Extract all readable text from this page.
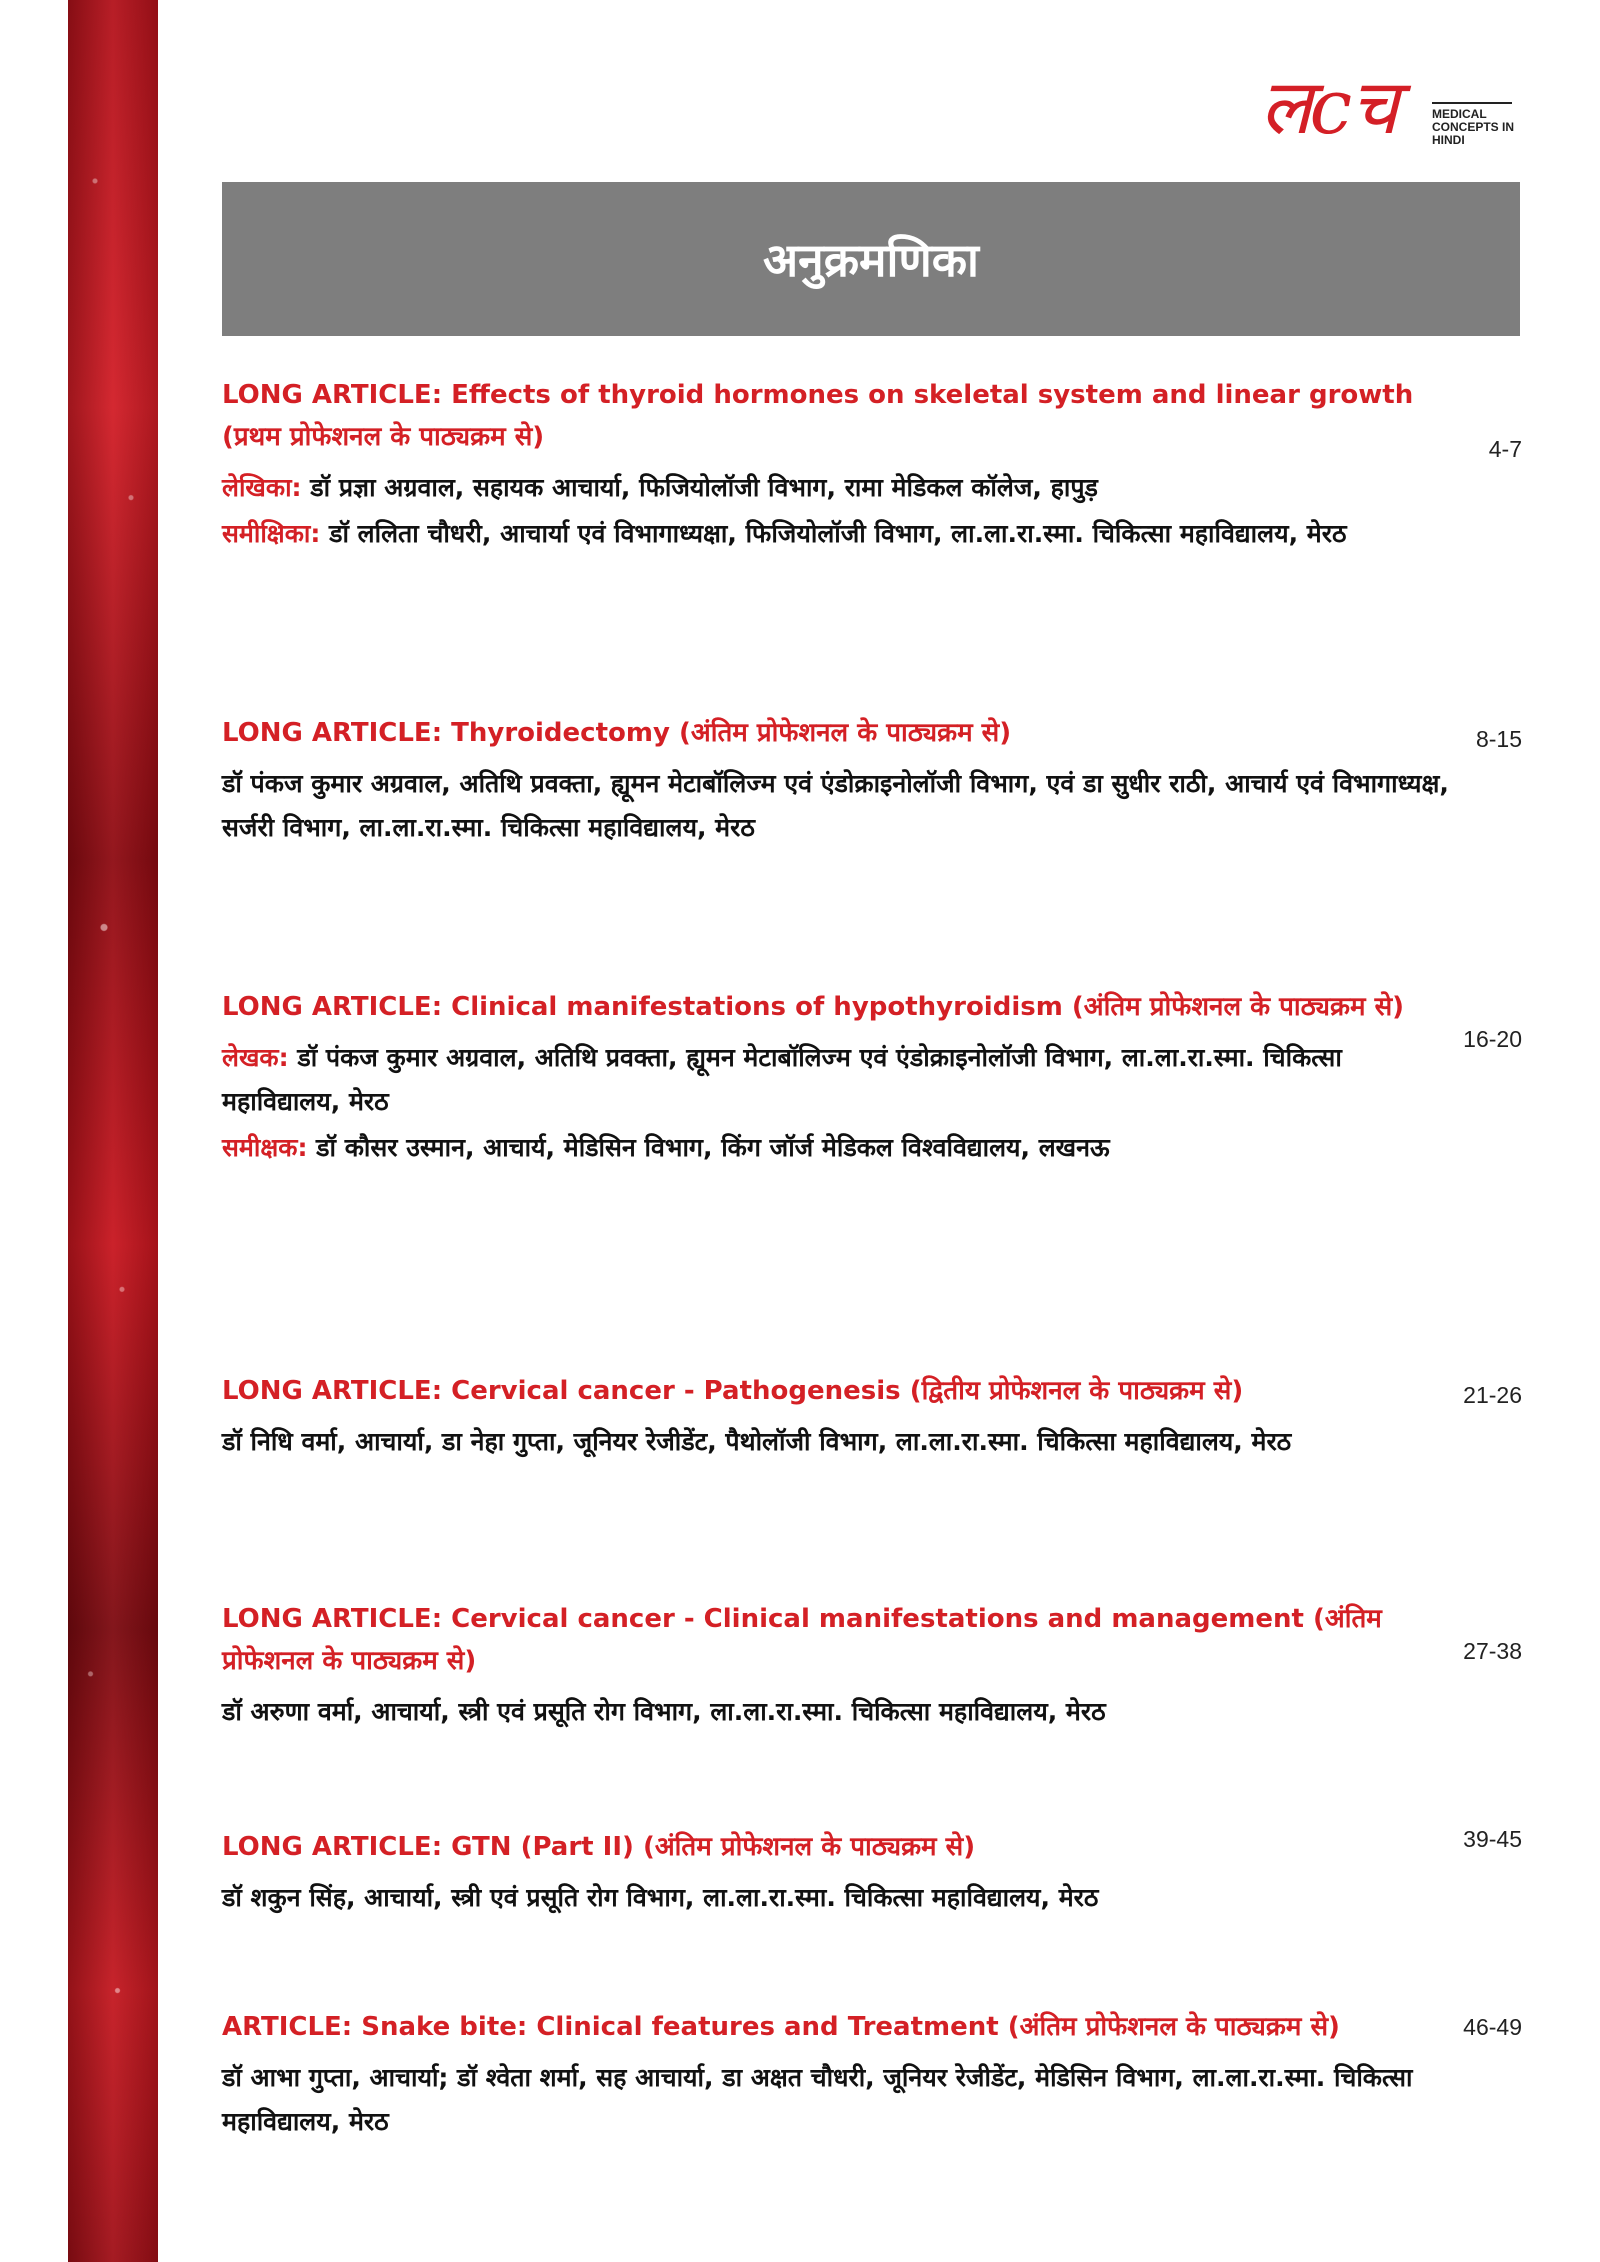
लcच	MEDICAL
CONCEPTS IN
HINDI
अनुक्रमणिका
4-7
LONG ARTICLE: Effects of thyroid hormones on skeletal system and linear growth (प्रथम प्रोफेशनल के पाठ्यक्रम से)
लेखिका: डॉ प्रज्ञा अग्रवाल, सहायक आचार्या, फिजियोलॉजी विभाग, रामा मेडिकल कॉलेज, हापुड़
समीक्षिका: डॉ ललिता चौधरी, आचार्या एवं विभागाध्यक्षा, फिजियोलॉजी विभाग, ला.ला.रा.स्मा. चिकित्सा महाविद्यालय, मेरठ
8-15
LONG ARTICLE: Thyroidectomy (अंतिम प्रोफेशनल के पाठ्यक्रम से)
डॉ पंकज कुमार अग्रवाल, अतिथि प्रवक्ता, ह्यूमन मेटाबॉलिज्म एवं एंडोक्राइनोलॉजी विभाग, एवं डा सुधीर राठी, आचार्य एवं विभागाध्यक्ष, सर्जरी विभाग, ला.ला.रा.स्मा. चिकित्सा महाविद्यालय, मेरठ
16-20
LONG ARTICLE: Clinical manifestations of hypothyroidism (अंतिम प्रोफेशनल के पाठ्यक्रम से)
लेखक: डॉ पंकज कुमार अग्रवाल, अतिथि प्रवक्ता, ह्यूमन मेटाबॉलिज्म एवं एंडोक्राइनोलॉजी विभाग, ला.ला.रा.स्मा. चिकित्सा महाविद्यालय, मेरठ
समीक्षक: डॉ कौसर उस्मान, आचार्य, मेडिसिन विभाग, किंग जॉर्ज मेडिकल विश्वविद्यालय, लखनऊ
21-26
LONG ARTICLE: Cervical cancer - Pathogenesis (द्वितीय प्रोफेशनल के पाठ्यक्रम से)
डॉ निधि वर्मा, आचार्या, डा नेहा गुप्ता, जूनियर रेजीडेंट, पैथोलॉजी विभाग, ला.ला.रा.स्मा. चिकित्सा महाविद्यालय, मेरठ
27-38
LONG ARTICLE: Cervical cancer - Clinical manifestations and management (अंतिम प्रोफेशनल के पाठ्यक्रम से)
डॉ अरुणा वर्मा, आचार्या, स्त्री एवं प्रसूति रोग विभाग, ला.ला.रा.स्मा. चिकित्सा महाविद्यालय, मेरठ
39-45
LONG ARTICLE: GTN (Part II) (अंतिम प्रोफेशनल के पाठ्यक्रम से)
डॉ शकुन सिंह, आचार्या, स्त्री एवं प्रसूति रोग विभाग, ला.ला.रा.स्मा. चिकित्सा महाविद्यालय, मेरठ
46-49
ARTICLE: Snake bite: Clinical features and Treatment (अंतिम प्रोफेशनल के पाठ्यक्रम से)
डॉ आभा गुप्ता, आचार्या; डॉ श्वेता शर्मा, सह आचार्या, डा अक्षत चौधरी, जूनियर रेजीडेंट, मेडिसिन विभाग, ला.ला.रा.स्मा. चिकित्सा महाविद्यालय, मेरठ
